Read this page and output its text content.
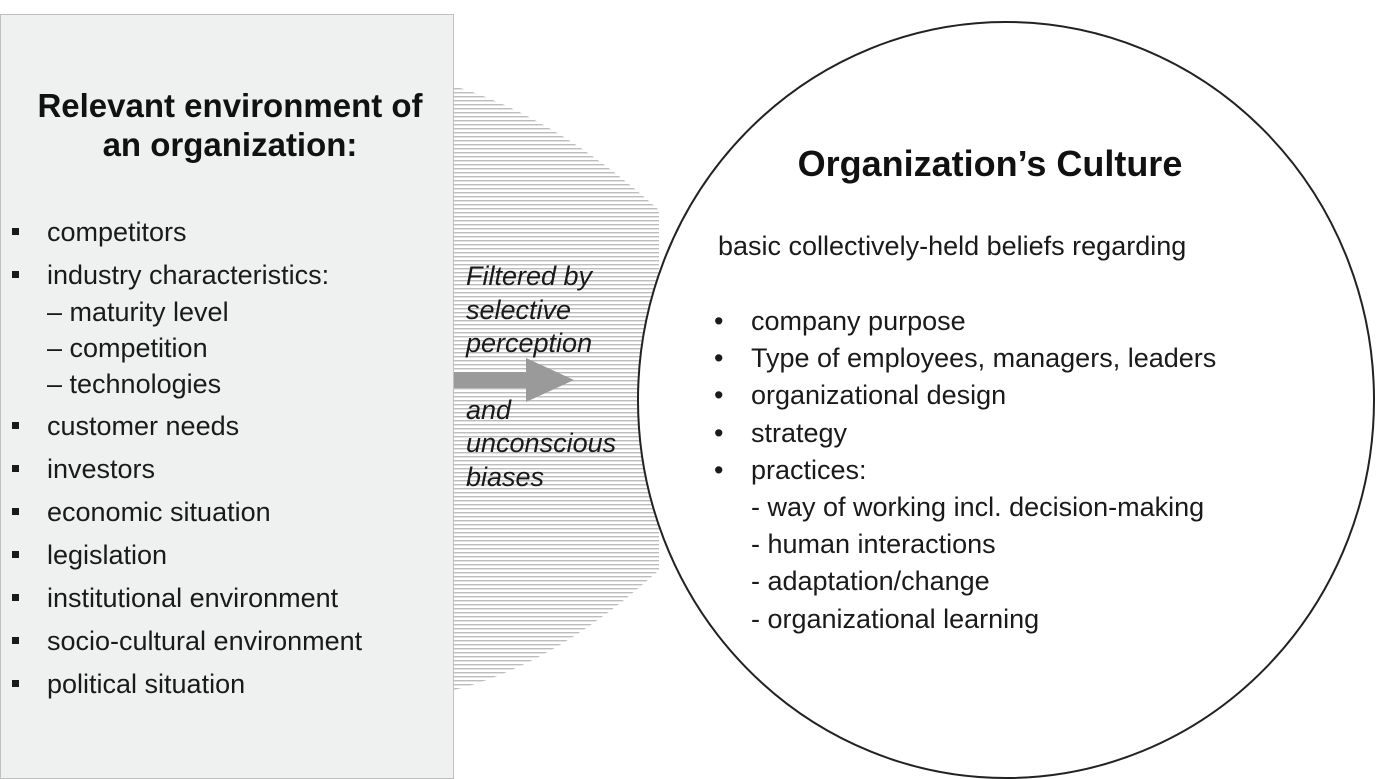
Relevant environment of
an organization:
competitors
industry characteristics:
– maturity level
– competition
– technologies
customer needs
investors
economic situation
legislation
institutional environment
socio-cultural environment
political situation
Filtered by
selective
perception
and
unconscious
biases
Organization’s Culture
basic collectively-held beliefs regarding
• company purpose
• Type of employees, managers, leaders
• organizational design
• strategy
• practices:
- way of working incl. decision-making
- human interactions
- adaptation/change
- organizational learning
